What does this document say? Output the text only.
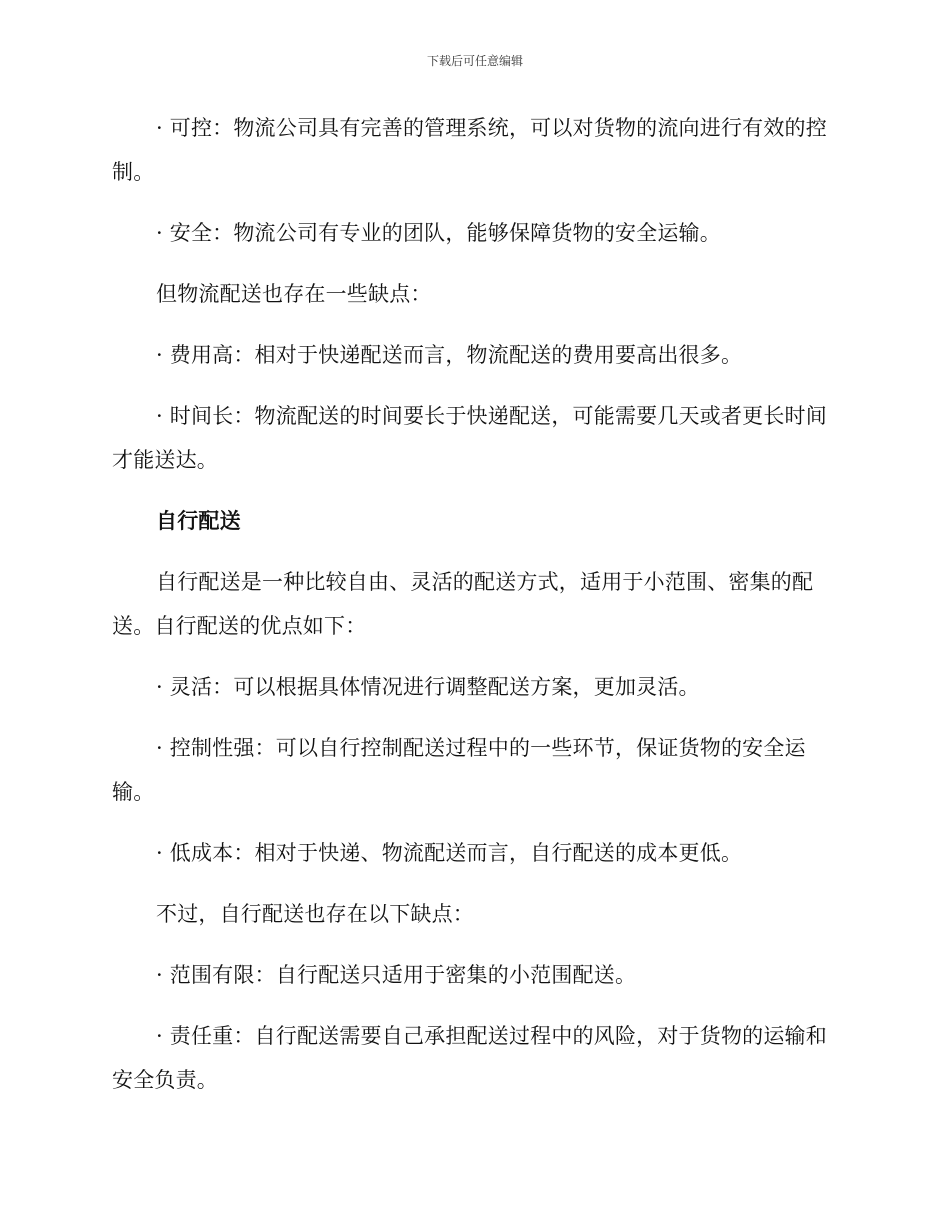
下载后可任意编辑

· 可控：物流公司具有完善的管理系统，可以对货物的流向进行有效的控制。

· 安全：物流公司有专业的团队，能够保障货物的安全运输。

但物流配送也存在一些缺点：

· 费用高：相对于快递配送而言，物流配送的费用要高出很多。

· 时间长：物流配送的时间要长于快递配送，可能需要几天或者更长时间才能送达。

自行配送

自行配送是一种比较自由、灵活的配送方式，适用于小范围、密集的配送。自行配送的优点如下：

· 灵活：可以根据具体情况进行调整配送方案，更加灵活。

· 控制性强：可以自行控制配送过程中的一些环节，保证货物的安全运输。

· 低成本：相对于快递、物流配送而言，自行配送的成本更低。

不过，自行配送也存在以下缺点：

· 范围有限：自行配送只适用于密集的小范围配送。

· 责任重：自行配送需要自己承担配送过程中的风险，对于货物的运输和安全负责。
